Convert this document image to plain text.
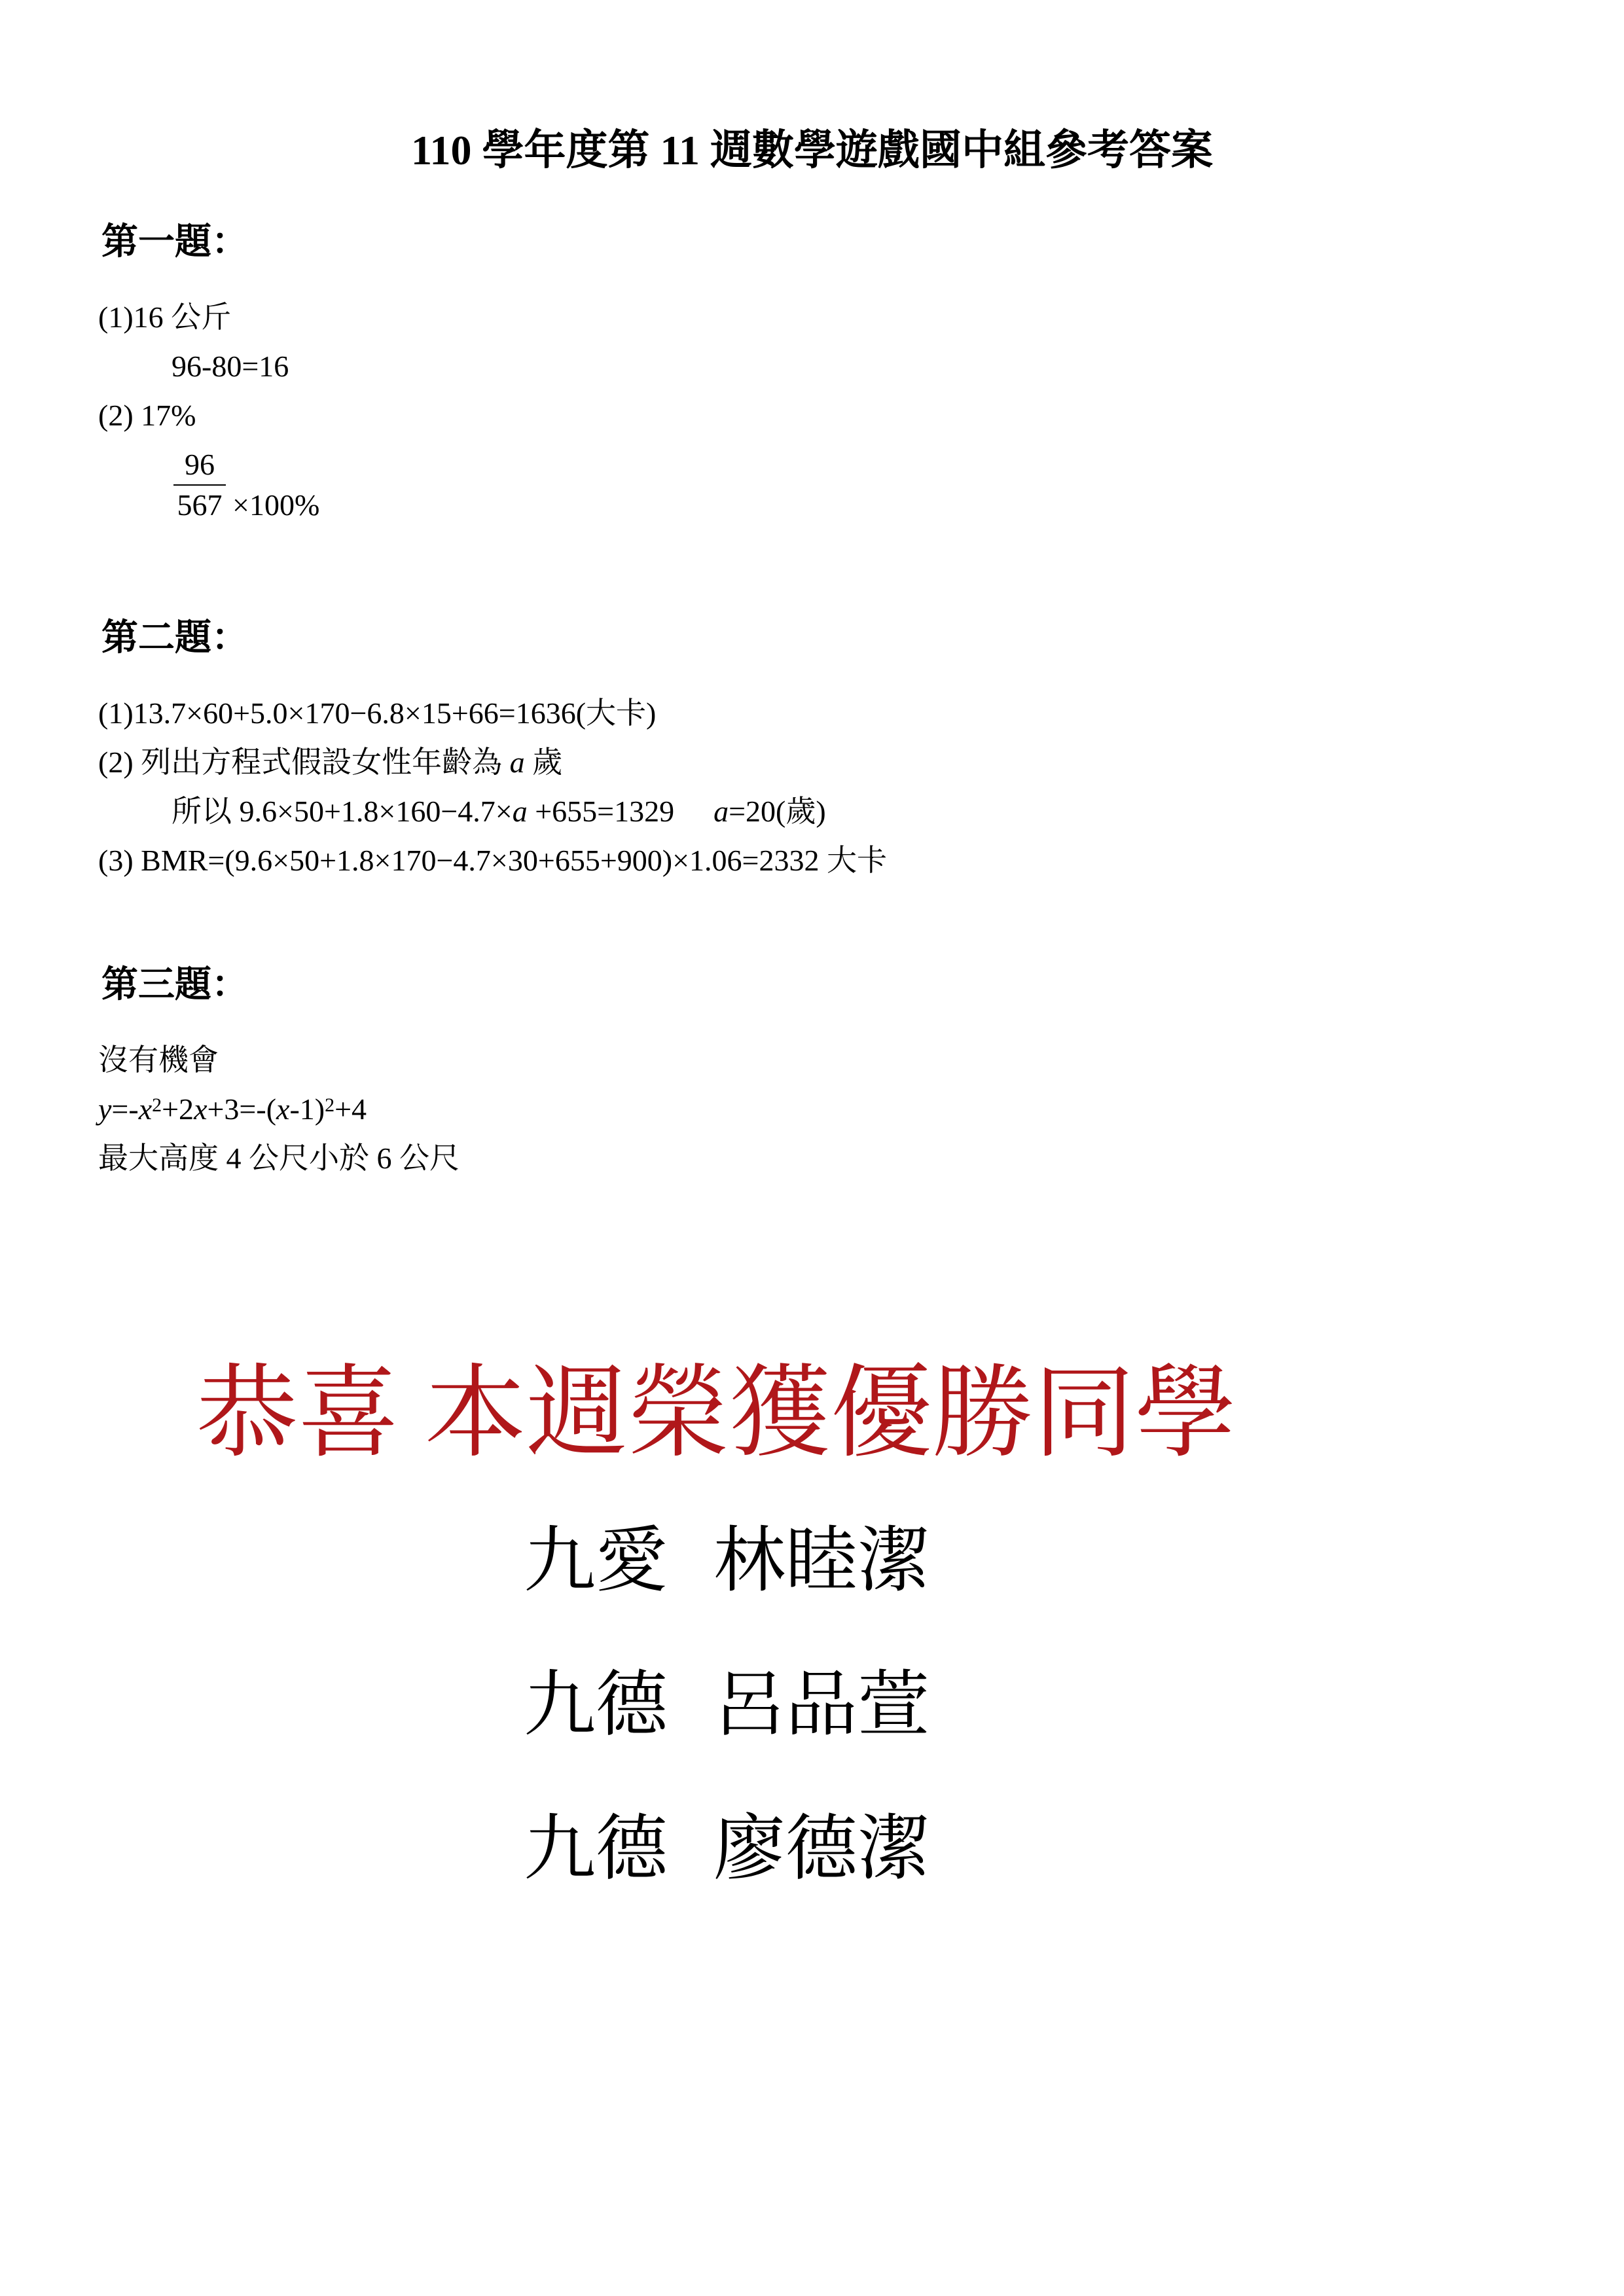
110 學年度第 11 週數學遊戲國中組參考答案
第一題：
(1)16 公斤
96-80=16
(2) 17%
96
567 ×100%
第二題：
(1)13.7×60+5.0×170−6.8×15+66=1636(大卡)
(2) 列出方程式假設女性年齡為 a 歲
所以 9.6×50+1.8×160−4.7×a +655=1329 a=20(歲)
(3) BMR=(9.6×50+1.8×170−4.7×30+655+900)×1.06=2332 大卡
第三題：
沒有機會
$y=-x^2+2x+3=-(x-1)^2+4$
最大高度 4 公尺小於 6 公尺
恭喜 本週榮獲優勝同學
九愛 林睦潔
九德 呂品萱
九德 廖德潔
